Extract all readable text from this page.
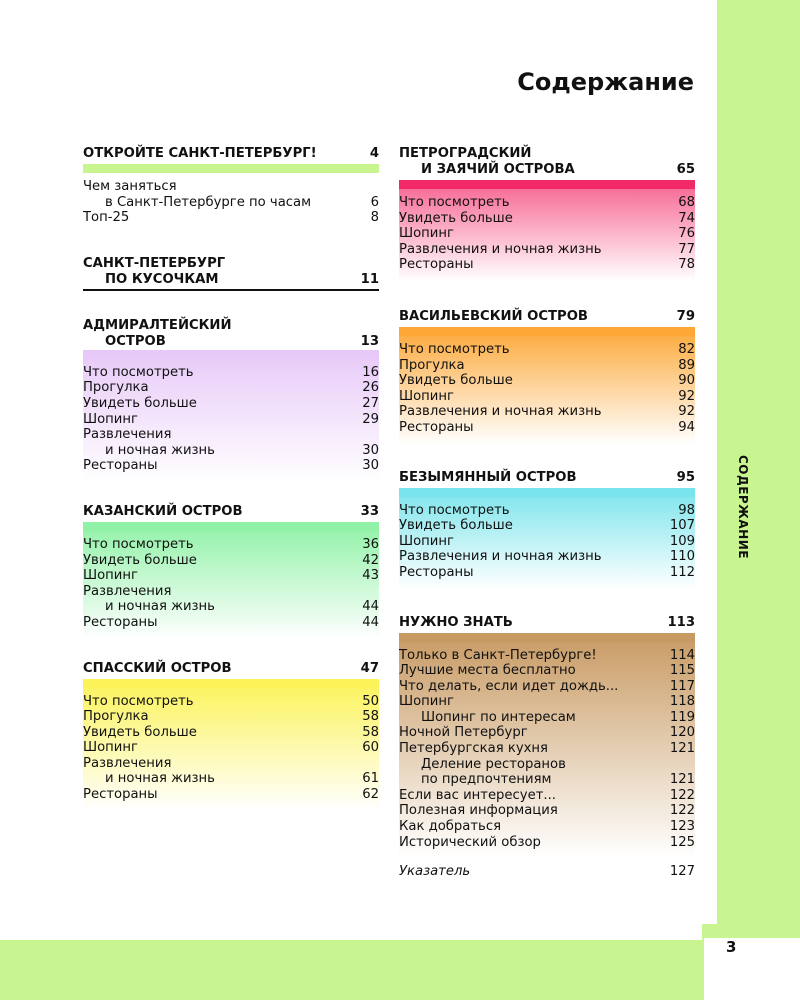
3
СОДЕРЖАНИЕ
Содержание
ОТКРОЙТЕ САНКТ-ПЕТЕРБУРГ!	4
Чем заняться
в Санкт-Петербурге по часам	6
Топ-25	8
САНКТ-ПЕТЕРБУРГ
ПО КУСОЧКАМ	11
АДМИРАЛТЕЙСКИЙ
ОСТРОВ	13
Что посмотреть	16
Прогулка	26
Увидеть больше	27
Шопинг	29
Развлечения
и ночная жизнь	30
Рестораны	30
КАЗАНСКИЙ ОСТРОВ	33
Что посмотреть	36
Увидеть больше	42
Шопинг	43
Развлечения
и ночная жизнь	44
Рестораны	44
СПАССКИЙ ОСТРОВ	47
Что посмотреть	50
Прогулка	58
Увидеть больше	58
Шопинг	60
Развлечения
и ночная жизнь	61
Рестораны	62
ПЕТРОГРАДСКИЙ
И ЗАЯЧИЙ ОСТРОВА	65
Что посмотреть	68
Увидеть больше	74
Шопинг	76
Развлечения и ночная жизнь	77
Рестораны	78
ВАСИЛЬЕВСКИЙ ОСТРОВ	79
Что посмотреть	82
Прогулка	89
Увидеть больше	90
Шопинг	92
Развлечения и ночная жизнь	92
Рестораны	94
БЕЗЫМЯННЫЙ ОСТРОВ	95
Что посмотреть	98
Увидеть больше	107
Шопинг	109
Развлечения и ночная жизнь	110
Рестораны	112
НУЖНО ЗНАТЬ	113
Только в Санкт-Петербурге!	114
Лучшие места бесплатно	115
Что делать, если идет дождь...	117
Шопинг	118
Шопинг по интересам	119
Ночной Петербург	120
Петербургская кухня	121
Деление ресторанов
по предпочтениям	121
Если вас интересует...	122
Полезная информация	122
Как добраться	123
Исторический обзор	125
Указатель	127
